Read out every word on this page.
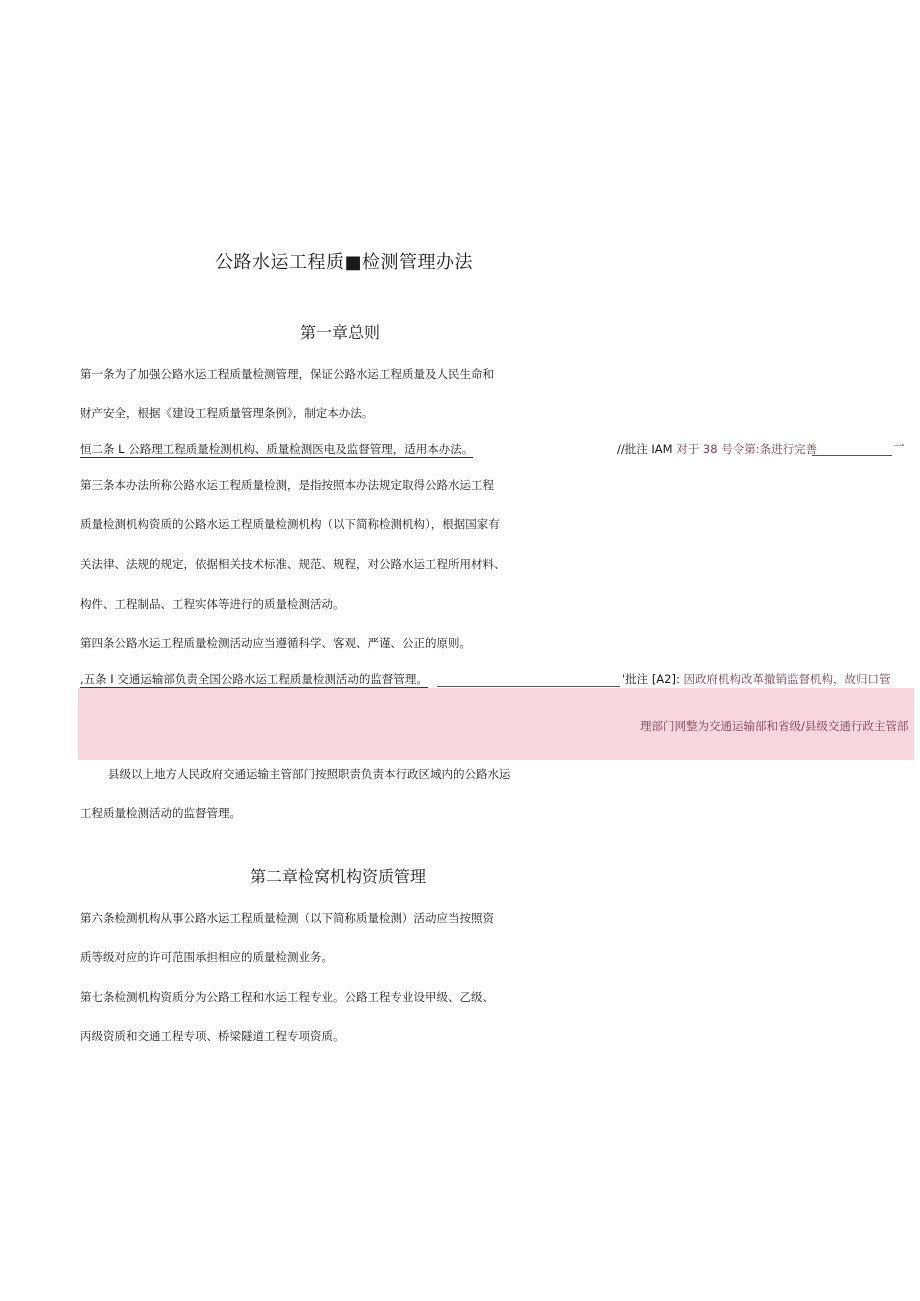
公路水运工程质■检测管理办法
第一章总则
第一条为了加强公路水运工程质量检测管理，保证公路水运工程质量及人民生命和
财产安全，根据《建设工程质量管理条例》，制定本办法。
恒二条 L 公路理工程质量检测机构、质量检测医电及监督管理，适用本办法。	//批注 IAM 对于 38 号令第:条进行完善	一
第三条本办法所称公路水运工程质量检测，是指按照本办法规定取得公路水运工程
质量检测机构资质的公路水运工程质量检测机构（以下简称检测机构），根据国家有
关法律、法规的规定，依据相关技术标准、规范、规程，对公路水运工程所用材料、
构件、工程制品、工程实体等进行的质量检测活动。
第四条公路水运工程质量检测活动应当遵循科学、客观、严谨、公正的原则。
,五条 I 交通运输部负责全国公路水运工程质量检测活动的监督管理。	'批注 [A2]: 因政府机构改革撤销监督机构，故归口管
理部门网整为交通运输部和省级/县级交通行政主管部
县级以上地方人民政府交通运输主管部门按照职责负责本行政区域内的公路水运
工程质量检测活动的监督管理。
第二章检窝机构资质管理
第六条检测机构从事公路水运工程质量检测（以下简称质量检测）活动应当按照资
质等级对应的许可范围承担相应的质量检测业务。
第七条检测机构资质分为公路工程和水运工程专业。公路工程专业设甲级、乙级、
丙级资质和交通工程专项、桥梁隧道工程专项资质。
